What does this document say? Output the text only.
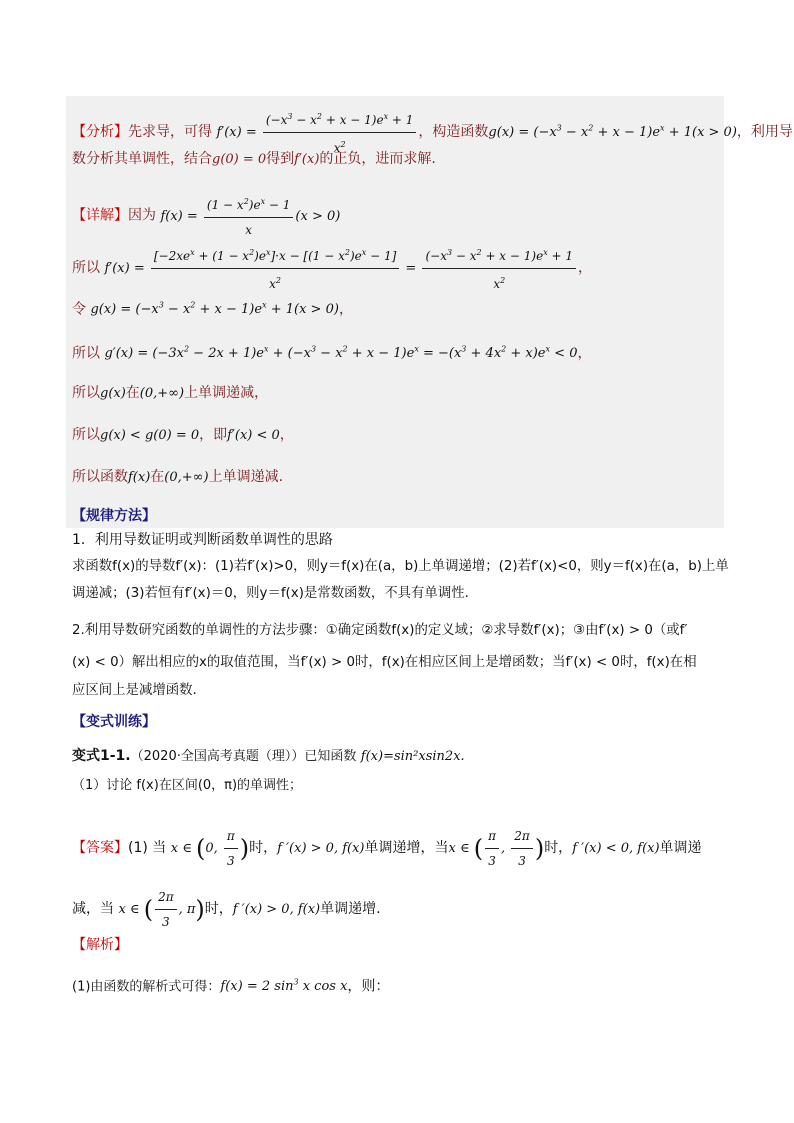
【分析】先求导，可得 $f'(x) = \frac{(-x^3 - x^2 + x - 1)e^x + 1}{x^2}$ ，构造函数$g(x) = (-x^3 - x^2 + x - 1)e^x + 1(x > 0)$，利用导
数分析其单调性，结合g(0) = 0得到f′(x)的正负，进而求解.
【详解】因为 $f(x) = \frac{(1 - x^2)e^x - 1}{x} (x > 0)$
所以 $f'(x) = \frac{[-2xe^x + (1 - x^2)e^x]\cdot x - [(1 - x^2)e^x - 1]}{x^2} = \frac{(-x^3 - x^2 + x - 1)e^x + 1}{x^2}$ ，
令 $g(x) = (-x^3 - x^2 + x - 1)e^x + 1(x > 0)$，
所以 $g'(x) = (-3x^2 - 2x + 1)e^x + (-x^3 - x^2 + x - 1)e^x = -(x^3 + 4x^2 + x)e^x < 0$，
所以g(x)在(0,+∞)上单调递减，
所以g(x) < g(0) = 0，即f′(x) < 0，
所以函数f(x)在(0,+∞)上单调递减.
【规律方法】
1．利用导数证明或判断函数单调性的思路
求函数f(x)的导数f′(x)：(1)若f′(x)>0，则y＝f(x)在(a，b)上单调递增；(2)若f′(x)<0，则y＝f(x)在(a，b)上单
调递减；(3)若恒有f′(x)＝0，则y＝f(x)是常数函数，不具有单调性．
2.利用导数研究函数的单调性的方法步骤：①确定函数f(x)的定义域；②求导数f′(x)；③由f′(x) > 0（或f′
(x) < 0）解出相应的x的取值范围，当f′(x) > 0时，f(x)在相应区间上是增函数；当f′(x) < 0时，f(x)在相
应区间上是减增函数.
【变式训练】
变式1-1.（2020·全国高考真题（理））已知函数 f(x)=sin²xsin2x.
（1）讨论 f(x)在区间(0，π)的单调性；
【答案】(1) 当 x ∈ (0, $\frac{\pi}{3}$ )时，f ′(x) > 0, f(x)单调递增，当x ∈ ( $\frac{\pi}{3}$ , $\frac{2\pi}{3}$ )时，f ′(x) < 0, f(x)单调递
减，当 x ∈ ( $\frac{2\pi}{3}$ , π)时，f ′(x) > 0, f(x)单调递增.
【解析】
(1)由函数的解析式可得：f(x) = 2 $\sin^3 x$ cos x，则：
